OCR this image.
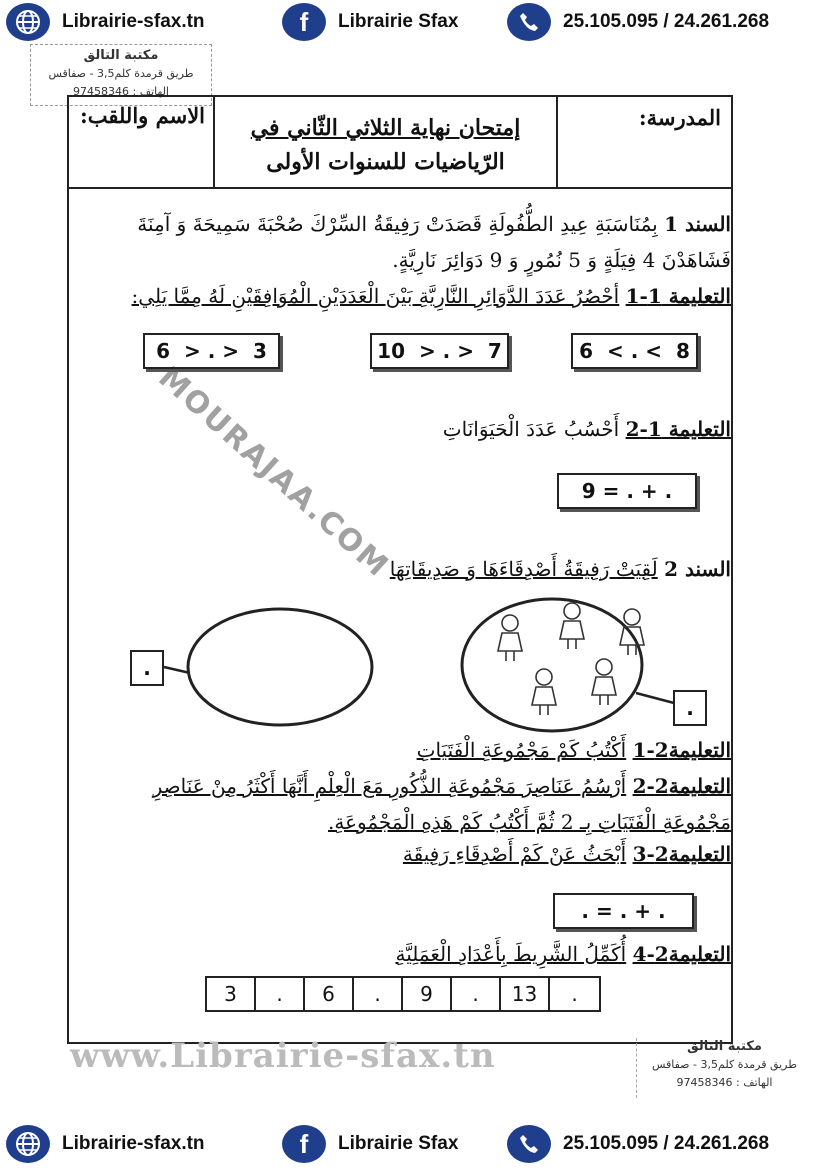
Librairie-sfax.tn	f	Librairie Sfax	25.105.095 / 24.261.268
مكتبة التالق
طريق قرمدة كلم3,5 - صفاقس
الهاتف : 97458346
المدرسة:
إمتحان نهاية الثلاثي الثّاني في
الرّياضيات للسنوات الأولى
الاسم واللقب:
MOURAJAA.COM
السند 1 بِمُنَاسَبَةِ عِيدِ الطُّفُولَةِ قَصَدَتْ رَفِيقَةُ السِّرْكَ صُحْبَةَ سَمِيحَةَ وَ آمِنَةَ
فَشَاهَدْنَ 4 فِيَلَةٍ وَ 5 نُمُورٍ وَ 9 دَوَائِرَ نَارِيَّةٍ.
التعليمة 1-1 أحْصُرُ عَدَدَ الدَّوَائِرِ النَّارِيَّةِ بَيْنَ الْعَدَدَيْنِ الْمُوَافِقَيْنِ لَهُ مِمَّا يَلِي:
6
> . >
3	10
> . >
7	6
< . <
8
التعليمة 1-2 أَحْسُبُ عَدَدَ الْحَيَوَانَاتِ
9 = . + .
السند 2 لَقِيَتْ رَفِيقَةُ أَصْدِقَاءَهَا وَ صَدِيقَاتِهَا
.
.
التعليمة2-1 أَكْتُبُ كَمْ مَجْمُوعَةِ الْفَتَيَاتِ
التعليمة2-2 أَرْسُمُ عَنَاصِرَ مَجْمُوعَةِ الذُّكُورِ مَعَ الْعِلْمِ أَنَّهَا أَكْثَرُ مِنْ عَنَاصِرِ
مَجْمُوعَةِ الْفَتَيَاتِ بِـ 2 ثُمَّ أَكْتُبُ كَمْ هَذِهِ الْمَجْمُوعَةِ.
التعليمة2-3 أَبْحَثُ عَنْ كَمْ أَصْدِقَاءِ رَفِيقَة
. = . + .
التعليمة2-4 أُكَمِّلُ الشَّرِيطَ بِأَعْدَادِ الْعَمَلِيَّةِ
3	.	6	.	9	.	13	.
www.Librairie-sfax.tn	مكتبة التالق
طريق قرمدة كلم3,5 - صفاقس
الهاتف : 97458346
Librairie-sfax.tn	f	Librairie Sfax	25.105.095 / 24.261.268
